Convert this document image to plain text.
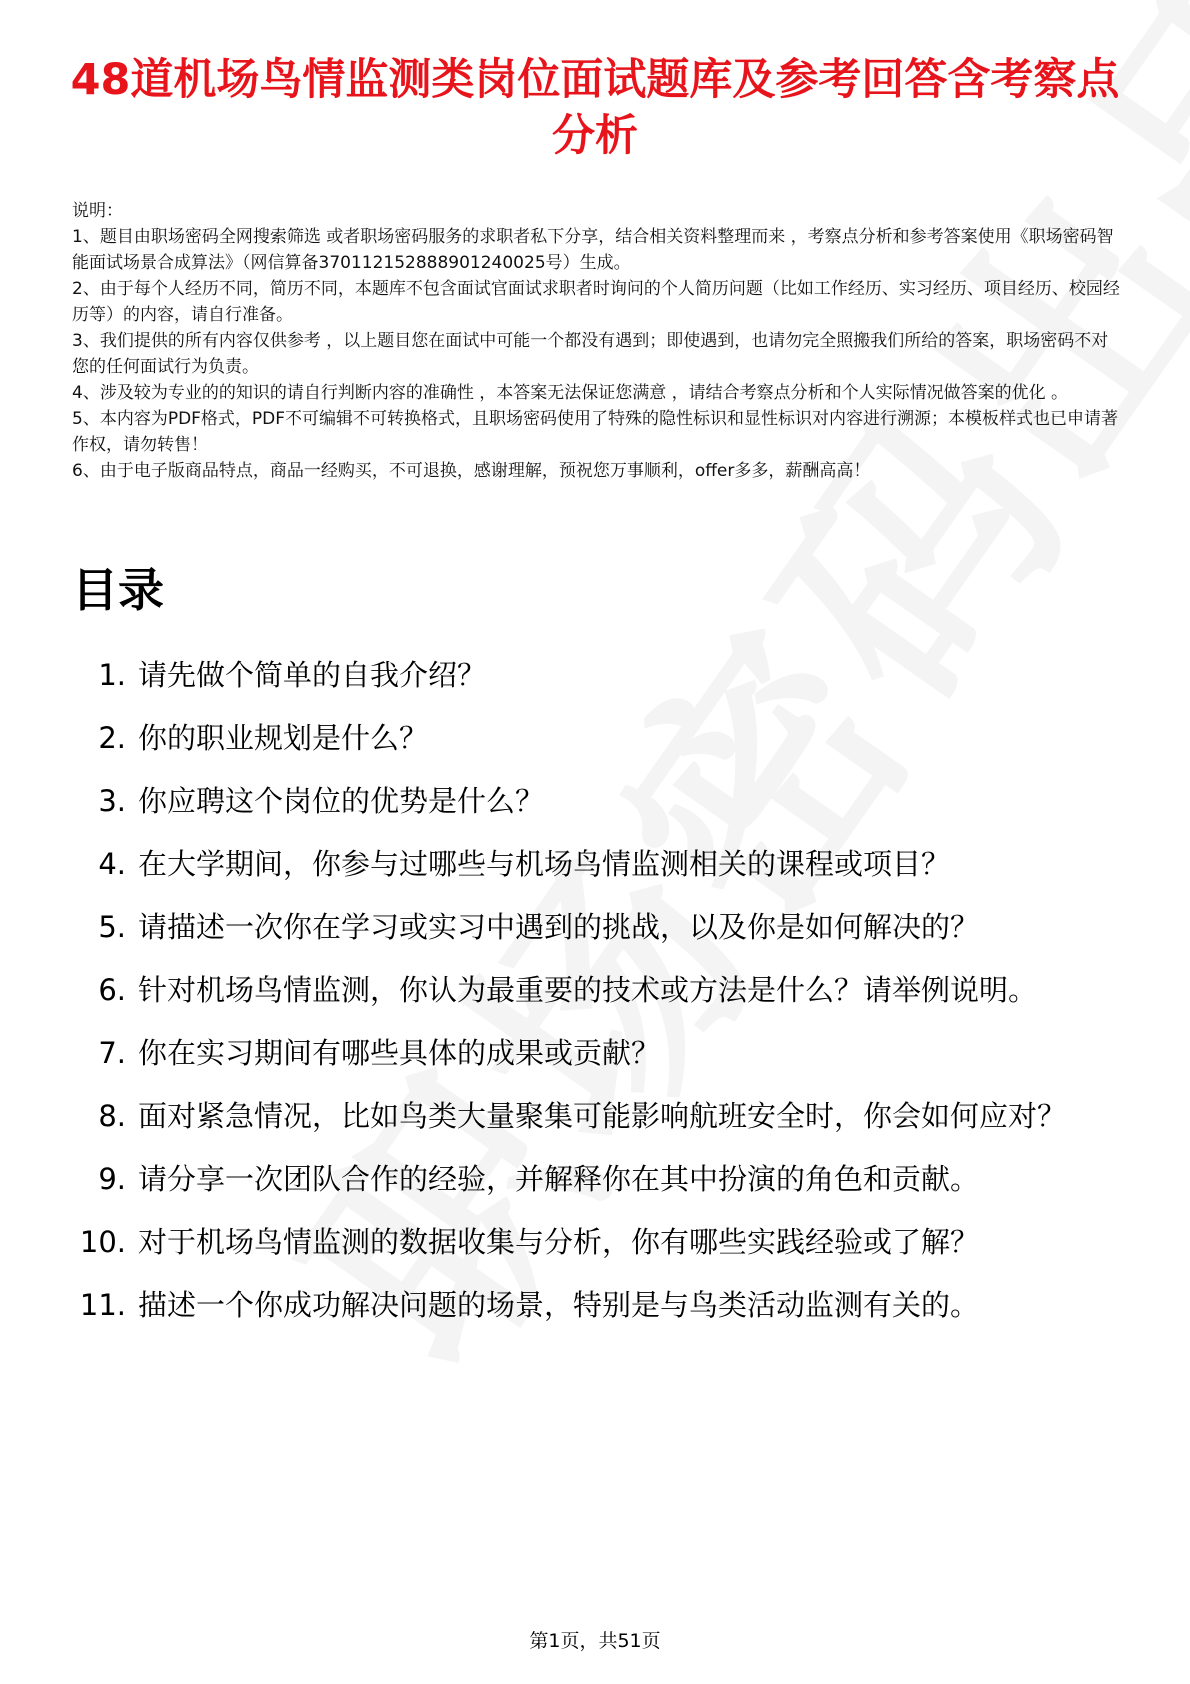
48道机场鸟情监测类岗位面试题库及参考回答含考察点分析

说明：

1、题目由职场密码全网搜索筛选 或者职场密码服务的求职者私下分享，结合相关资料整理而来 ，考察点分析和参考答案使用《职场密码智能面试场景合成算法》（网信算备370112152888901240025号）生成。

2、由于每个人经历不同，简历不同，本题库不包含面试官面试求职者时询问的个人简历问题（比如工作经历、实习经历、项目经历、校园经历等）的内容，请自行准备。

3、我们提供的所有内容仅供参考 ，以上题目您在面试中可能一个都没有遇到；即使遇到，也请勿完全照搬我们所给的答案，职场密码不对您的任何面试行为负责。

4、涉及较为专业的的知识的请自行判断内容的准确性 ，本答案无法保证您满意 ，请结合考察点分析和个人实际情况做答案的优化 。

5、本内容为PDF格式，PDF不可编辑不可转换格式，且职场密码使用了特殊的隐性标识和显性标识对内容进行溯源；本模板样式也已申请著作权，请勿转售！

6、由于电子版商品特点，商品一经购买，不可退换，感谢理解，预祝您万事顺利，offer多多，薪酬高高！

目录
1. 请先做个简单的自我介绍？
2. 你的职业规划是什么？
3. 你应聘这个岗位的优势是什么？
4. 在大学期间，你参与过哪些与机场鸟情监测相关的课程或项目？
5. 请描述一次你在学习或实习中遇到的挑战，以及你是如何解决的？
6. 针对机场鸟情监测，你认为最重要的技术或方法是什么？请举例说明。
7. 你在实习期间有哪些具体的成果或贡献？
8. 面对紧急情况，比如鸟类大量聚集可能影响航班安全时，你会如何应对？
9. 请分享一次团队合作的经验，并解释你在其中扮演的角色和贡献。
10. 对于机场鸟情监测的数据收集与分析，你有哪些实践经验或了解？
11. 描述一个你成功解决问题的场景，特别是与鸟类活动监测有关的。
第1页，共51页
